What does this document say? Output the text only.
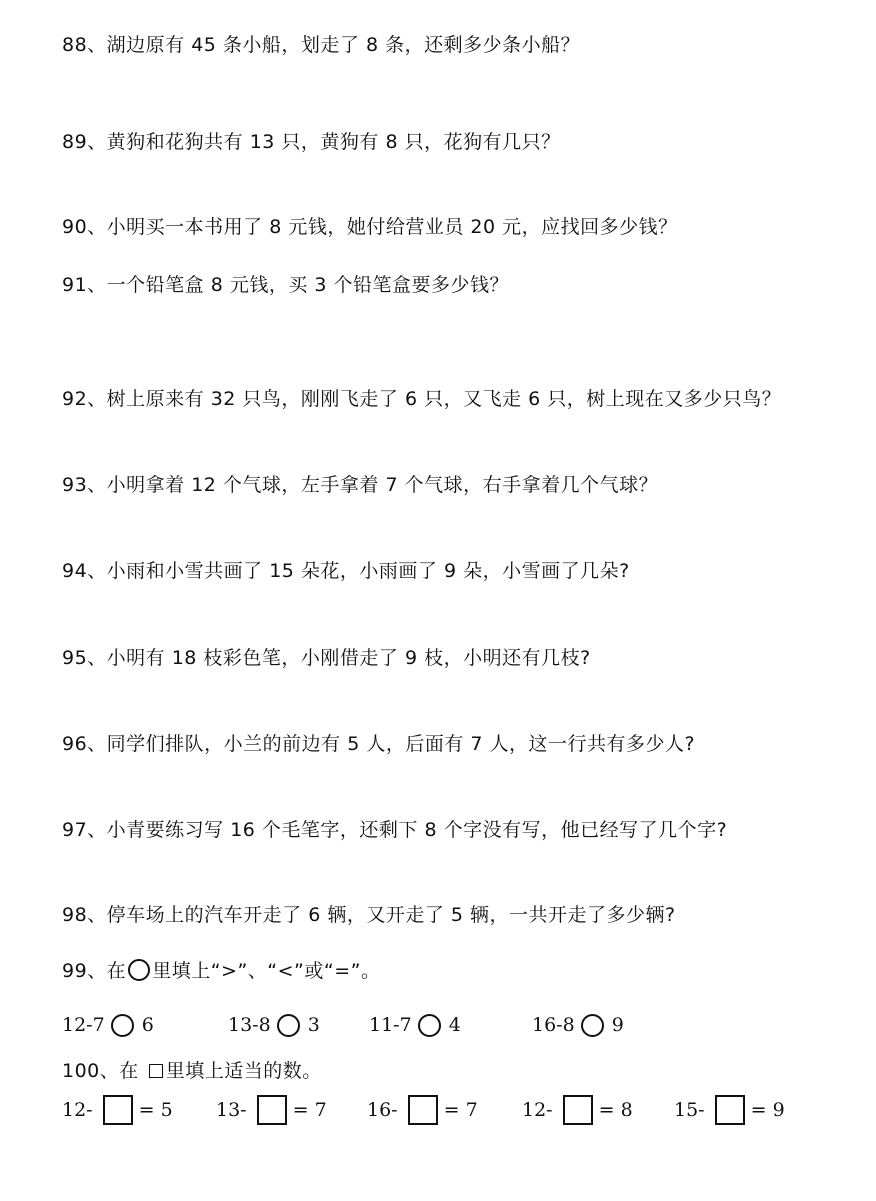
88、湖边原有 45 条小船，划走了 8 条，还剩多少条小船？
89、黄狗和花狗共有 13 只，黄狗有 8 只，花狗有几只？
90、小明买一本书用了 8 元钱，她付给营业员 20 元，应找回多少钱？
91、一个铅笔盒 8 元钱，买 3 个铅笔盒要多少钱？
92、树上原来有 32 只鸟，刚刚飞走了 6 只，又飞走 6 只，树上现在又多少只鸟？
93、小明拿着 12 个气球，左手拿着 7 个气球，右手拿着几个气球？
94、小雨和小雪共画了 15 朵花，小雨画了 9 朵，小雪画了几朵?
95、小明有 18 枝彩色笔，小刚借走了 9 枝，小明还有几枝?
96、同学们排队，小兰的前边有 5 人，后面有 7 人，这一行共有多少人?
97、小青要练习写 16 个毛笔字，还剩下 8 个字没有写，他已经写了几个字?
98、停车场上的汽车开走了 6 辆，又开走了 5 辆，一共开走了多少辆?
99、在 里填上“>”、“<”或“=”。
12-7 6	13-8 3	11-7 4	16-8 9
100、在 里填上适当的数。
12- = 5 13- = 7 16- = 7 12- = 8 15- = 9
